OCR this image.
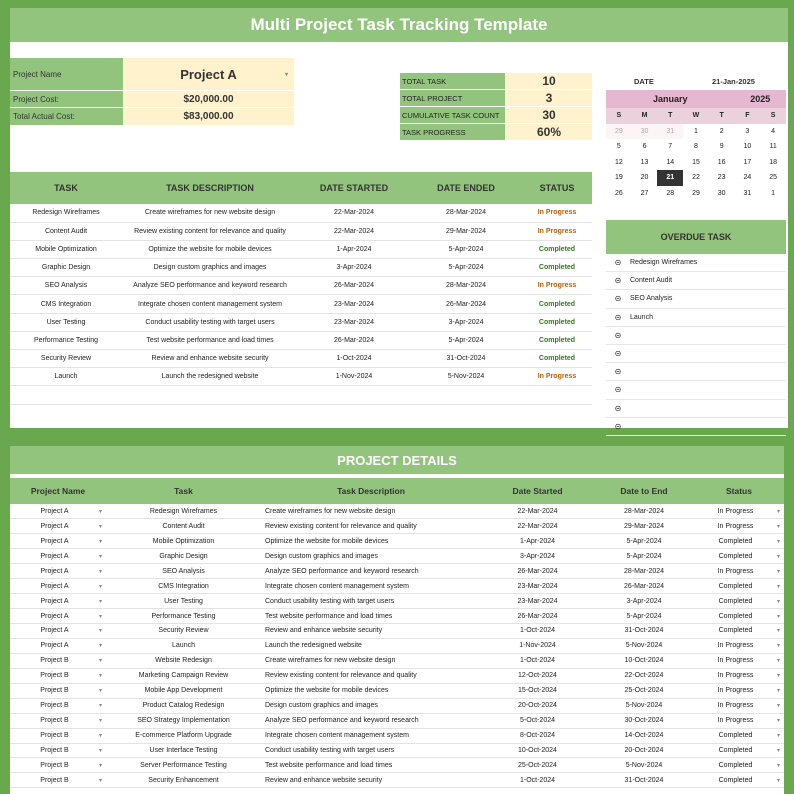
Multi Project Task Tracking Template
Project Name	Project A	▾
Project Cost:	$20,000.00
Total Actual Cost:	$83,000.00
TOTAL TASK	10
TOTAL PROJECT	3
CUMULATIVE TASK COUNT	30
TASK PROGRESS	60%
DATE	21-Jan-2025
January					2025	
S	M	T	W	T	F	S
29	30	31	1	2	3	4
5	6	7	8	9	10	11
12	13	14	15	16	17	18
19	20	21	22	23	24	25
26	27	28	29	30	31	1
TASK	TASK DESCRIPTION	DATE STARTED	DATE ENDED	STATUS
Redesign Wireframes	Create wireframes for new website design	22-Mar-2024	28-Mar-2024	In Progress
Content Audit	Review existing content for relevance and quality	22-Mar-2024	29-Mar-2024	In Progress
Mobile Optimization	Optimize the website for mobile devices	1-Apr-2024	5-Apr-2024	Completed
Graphic Design	Design custom graphics and images	3-Apr-2024	5-Apr-2024	Completed
SEO Analysis	Analyze SEO performance and keyword research	26-Mar-2024	28-Mar-2024	In Progress
CMS Integration	Integrate chosen content management system	23-Mar-2024	26-Mar-2024	Completed
User Testing	Conduct usability testing with target users	23-Mar-2024	3-Apr-2024	Completed
Performance Testing	Test website performance and load times	26-Mar-2024	5-Apr-2024	Completed
Security Review	Review and enhance website security	1-Oct-2024	31-Oct-2024	Completed
Launch	Launch the redesigned website	1-Nov-2024	5-Nov-2024	In Progress

OVERDUE TASK
⊝	Redesign Wireframes
⊝	Content Audit
⊝	SEO Analysis
⊝	Launch
⊝
⊝
⊝
⊝
⊝
⊝
PROJECT DETAILS
Project Name	Task	Task Description	Date Started	Date to End	Status
Project A ▾	Redesign Wireframes	Create wireframes for new website design	22-Mar-2024	28-Mar-2024	In Progress ▾

Project A ▾	Content Audit	Review existing content for relevance and quality	22-Mar-2024	29-Mar-2024	In Progress ▾

Project A ▾	Mobile Optimization	Optimize the website for mobile devices	1-Apr-2024	5-Apr-2024	Completed ▾

Project A ▾	Graphic Design	Design custom graphics and images	3-Apr-2024	5-Apr-2024	Completed ▾

Project A ▾	SEO Analysis	Analyze SEO performance and keyword research	26-Mar-2024	28-Mar-2024	In Progress ▾

Project A ▾	CMS Integration	Integrate chosen content management system	23-Mar-2024	26-Mar-2024	Completed ▾

Project A ▾	User Testing	Conduct usability testing with target users	23-Mar-2024	3-Apr-2024	Completed ▾

Project A ▾	Performance Testing	Test website performance and load times	26-Mar-2024	5-Apr-2024	Completed ▾

Project A ▾	Security Review	Review and enhance website security	1-Oct-2024	31-Oct-2024	Completed ▾

Project A ▾	Launch	Launch the redesigned website	1-Nov-2024	5-Nov-2024	In Progress ▾

Project B ▾	Website Redesign	Create wireframes for new website design	1-Oct-2024	10-Oct-2024	In Progress ▾

Project B ▾	Marketing Campaign Review	Review existing content for relevance and quality	12-Oct-2024	22-Oct-2024	In Progress ▾

Project B ▾	Mobile App Development	Optimize the website for mobile devices	15-Oct-2024	25-Oct-2024	In Progress ▾

Project B ▾	Product Catalog Redesign	Design custom graphics and images	20-Oct-2024	5-Nov-2024	In Progress ▾

Project B ▾	SEO Strategy Implementation	Analyze SEO performance and keyword research	5-Oct-2024	30-Oct-2024	In Progress ▾

Project B ▾	E-commerce Platform Upgrade	Integrate chosen content management system	8-Oct-2024	14-Oct-2024	Completed ▾

Project B ▾	User Interface Testing	Conduct usability testing with target users	10-Oct-2024	20-Oct-2024	Completed ▾

Project B ▾	Server Performance Testing	Test website performance and load times	25-Oct-2024	5-Nov-2024	Completed ▾

Project B ▾	Security Enhancement	Review and enhance website security	1-Oct-2024	31-Oct-2024	Completed ▾
